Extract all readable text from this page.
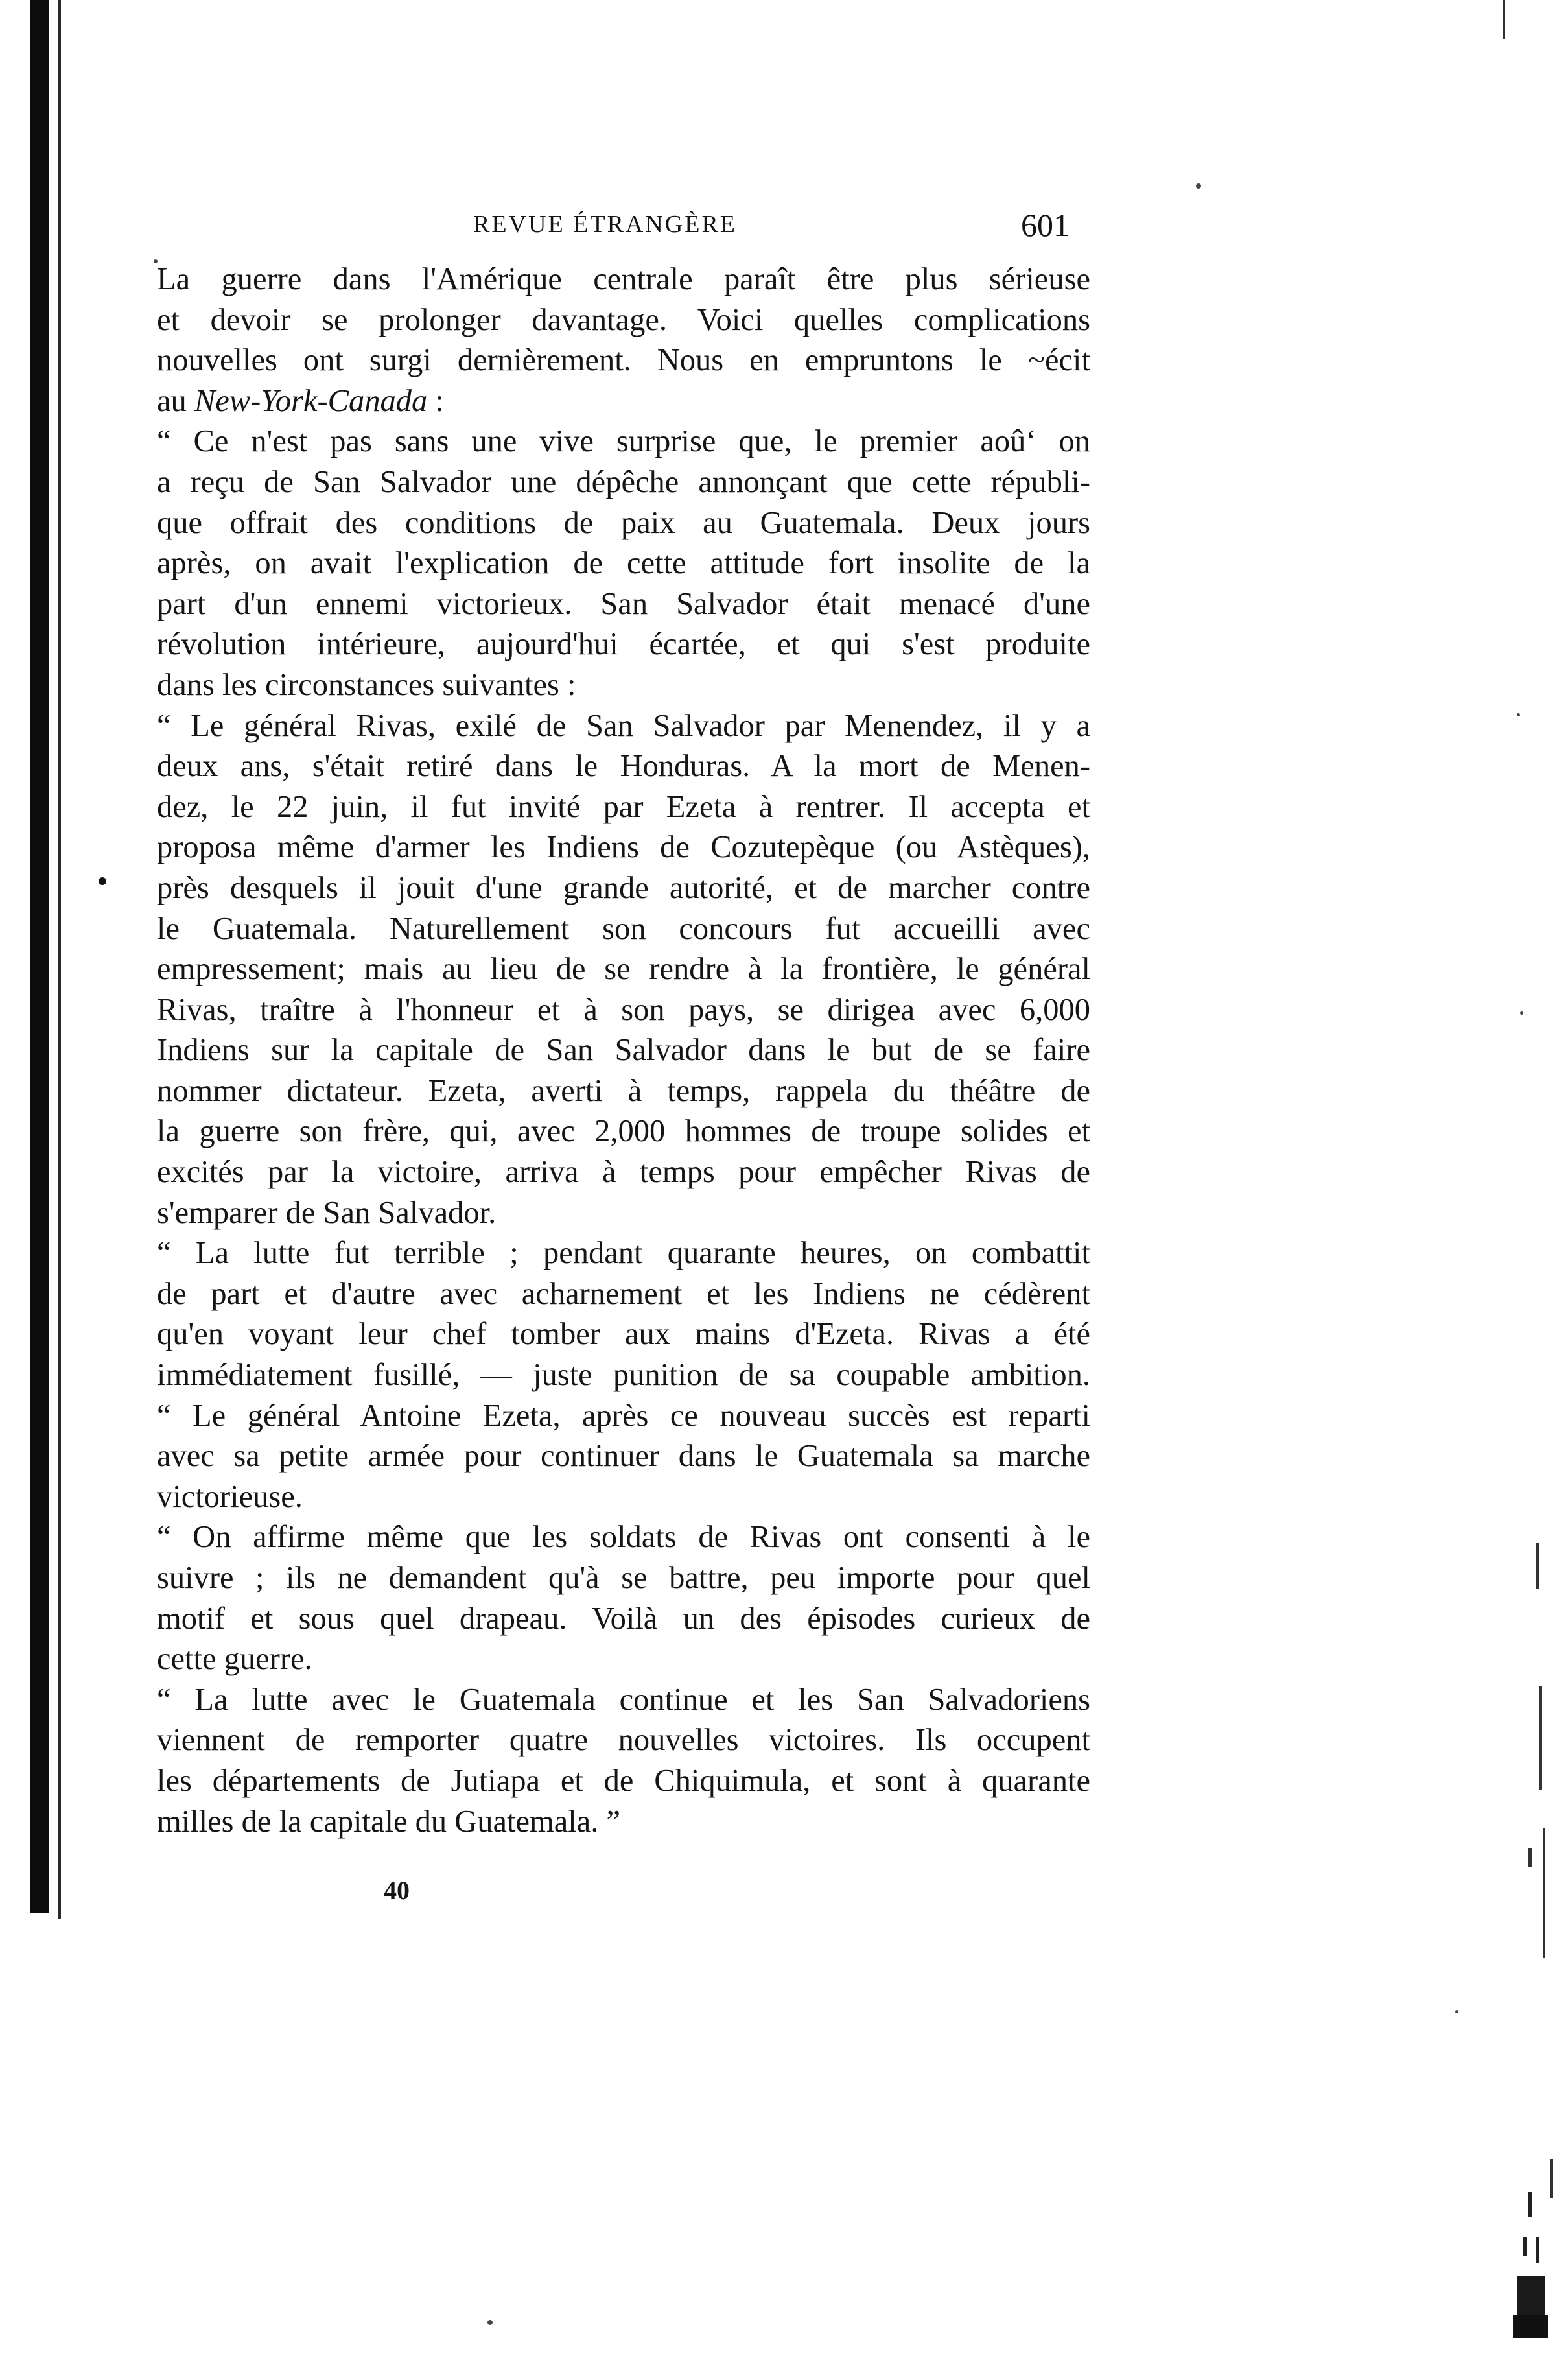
REVUE ÉTRANGÈRE	601
La guerre dans l'Amérique centrale paraît être plus sérieuse
et devoir se prolonger davantage. Voici quelles complications
nouvelles ont surgi dernièrement. Nous en empruntons le ~écit
au New-York-Canada :
“ Ce n'est pas sans une vive surprise que, le premier aoû‘ on
a reçu de San Salvador une dépêche annonçant que cette républi-
que offrait des conditions de paix au Guatemala. Deux jours
après, on avait l'explication de cette attitude fort insolite de la
part d'un ennemi victorieux. San Salvador était menacé d'une
révolution intérieure, aujourd'hui écartée, et qui s'est produite
dans les circonstances suivantes :
“ Le général Rivas, exilé de San Salvador par Menendez, il y a
deux ans, s'était retiré dans le Honduras. A la mort de Menen-
dez, le 22 juin, il fut invité par Ezeta à rentrer. Il accepta et
proposa même d'armer les Indiens de Cozutepèque (ou Astèques),
près desquels il jouit d'une grande autorité, et de marcher contre
le Guatemala. Naturellement son concours fut accueilli avec
empressement; mais au lieu de se rendre à la frontière, le général
Rivas, traître à l'honneur et à son pays, se dirigea avec 6,000
Indiens sur la capitale de San Salvador dans le but de se faire
nommer dictateur. Ezeta, averti à temps, rappela du théâtre de
la guerre son frère, qui, avec 2,000 hommes de troupe solides et
excités par la victoire, arriva à temps pour empêcher Rivas de
s'emparer de San Salvador.
“ La lutte fut terrible ; pendant quarante heures, on combattit
de part et d'autre avec acharnement et les Indiens ne cédèrent
qu'en voyant leur chef tomber aux mains d'Ezeta. Rivas a été
immédiatement fusillé, — juste punition de sa coupable ambition.
“ Le général Antoine Ezeta, après ce nouveau succès est reparti
avec sa petite armée pour continuer dans le Guatemala sa marche
victorieuse.
“ On affirme même que les soldats de Rivas ont consenti à le
suivre ; ils ne demandent qu'à se battre, peu importe pour quel
motif et sous quel drapeau. Voilà un des épisodes curieux de
cette guerre.
“ La lutte avec le Guatemala continue et les San Salvadoriens
viennent de remporter quatre nouvelles victoires. Ils occupent
les départements de Jutiapa et de Chiquimula, et sont à quarante
milles de la capitale du Guatemala. ”
40
